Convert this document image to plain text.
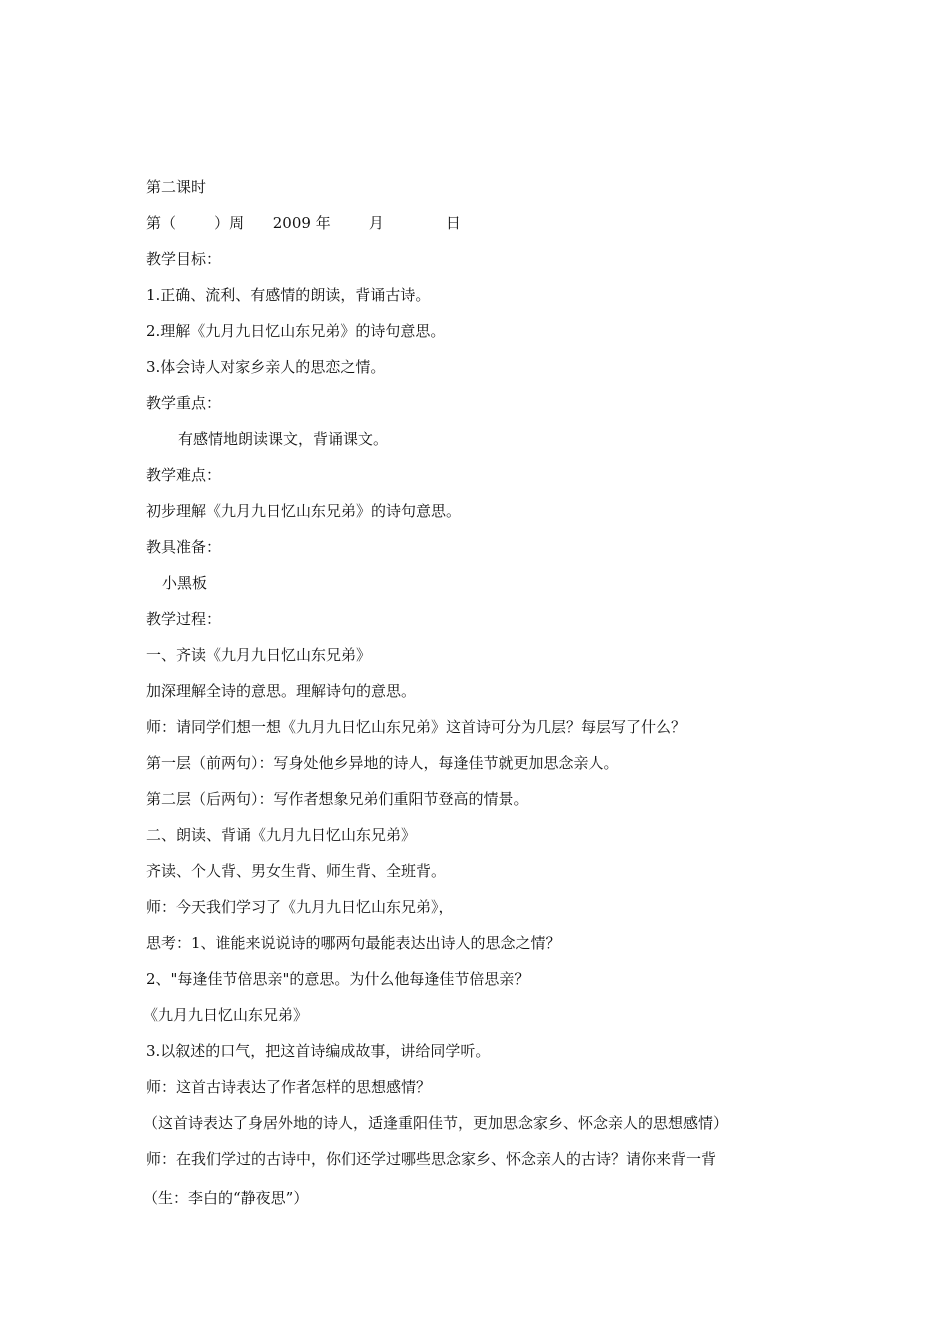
第二课时
第（        ）周      2009 年        月             日
教学目标：
1.正确、流利、有感情的朗读，背诵古诗。
2.理解《九月九日忆山东兄弟》的诗句意思。
3.体会诗人对家乡亲人的思恋之情。
教学重点：
有感情地朗读课文，背诵课文。
教学难点：
初步理解《九月九日忆山东兄弟》的诗句意思。
教具准备：
小黑板
教学过程：
一、齐读《九月九日忆山东兄弟》
加深理解全诗的意思。理解诗句的意思。
师：请同学们想一想《九月九日忆山东兄弟》这首诗可分为几层？每层写了什么？
第一层（前两句）：写身处他乡异地的诗人，每逢佳节就更加思念亲人。
第二层（后两句）：写作者想象兄弟们重阳节登高的情景。
二、朗读、背诵《九月九日忆山东兄弟》
齐读、个人背、男女生背、师生背、全班背。
师：今天我们学习了《九月九日忆山东兄弟》，
思考：1、谁能来说说诗的哪两句最能表达出诗人的思念之情？
2、"每逢佳节倍思亲"的意思。为什么他每逢佳节倍思亲？
《九月九日忆山东兄弟》
3.以叙述的口气，把这首诗编成故事，讲给同学听。
师：这首古诗表达了作者怎样的思想感情？
（这首诗表达了身居外地的诗人，适逢重阳佳节，更加思念家乡、怀念亲人的思想感情）
师：在我们学过的古诗中，你们还学过哪些思念家乡、怀念亲人的古诗？请你来背一背
（生：李白的“静夜思”）
